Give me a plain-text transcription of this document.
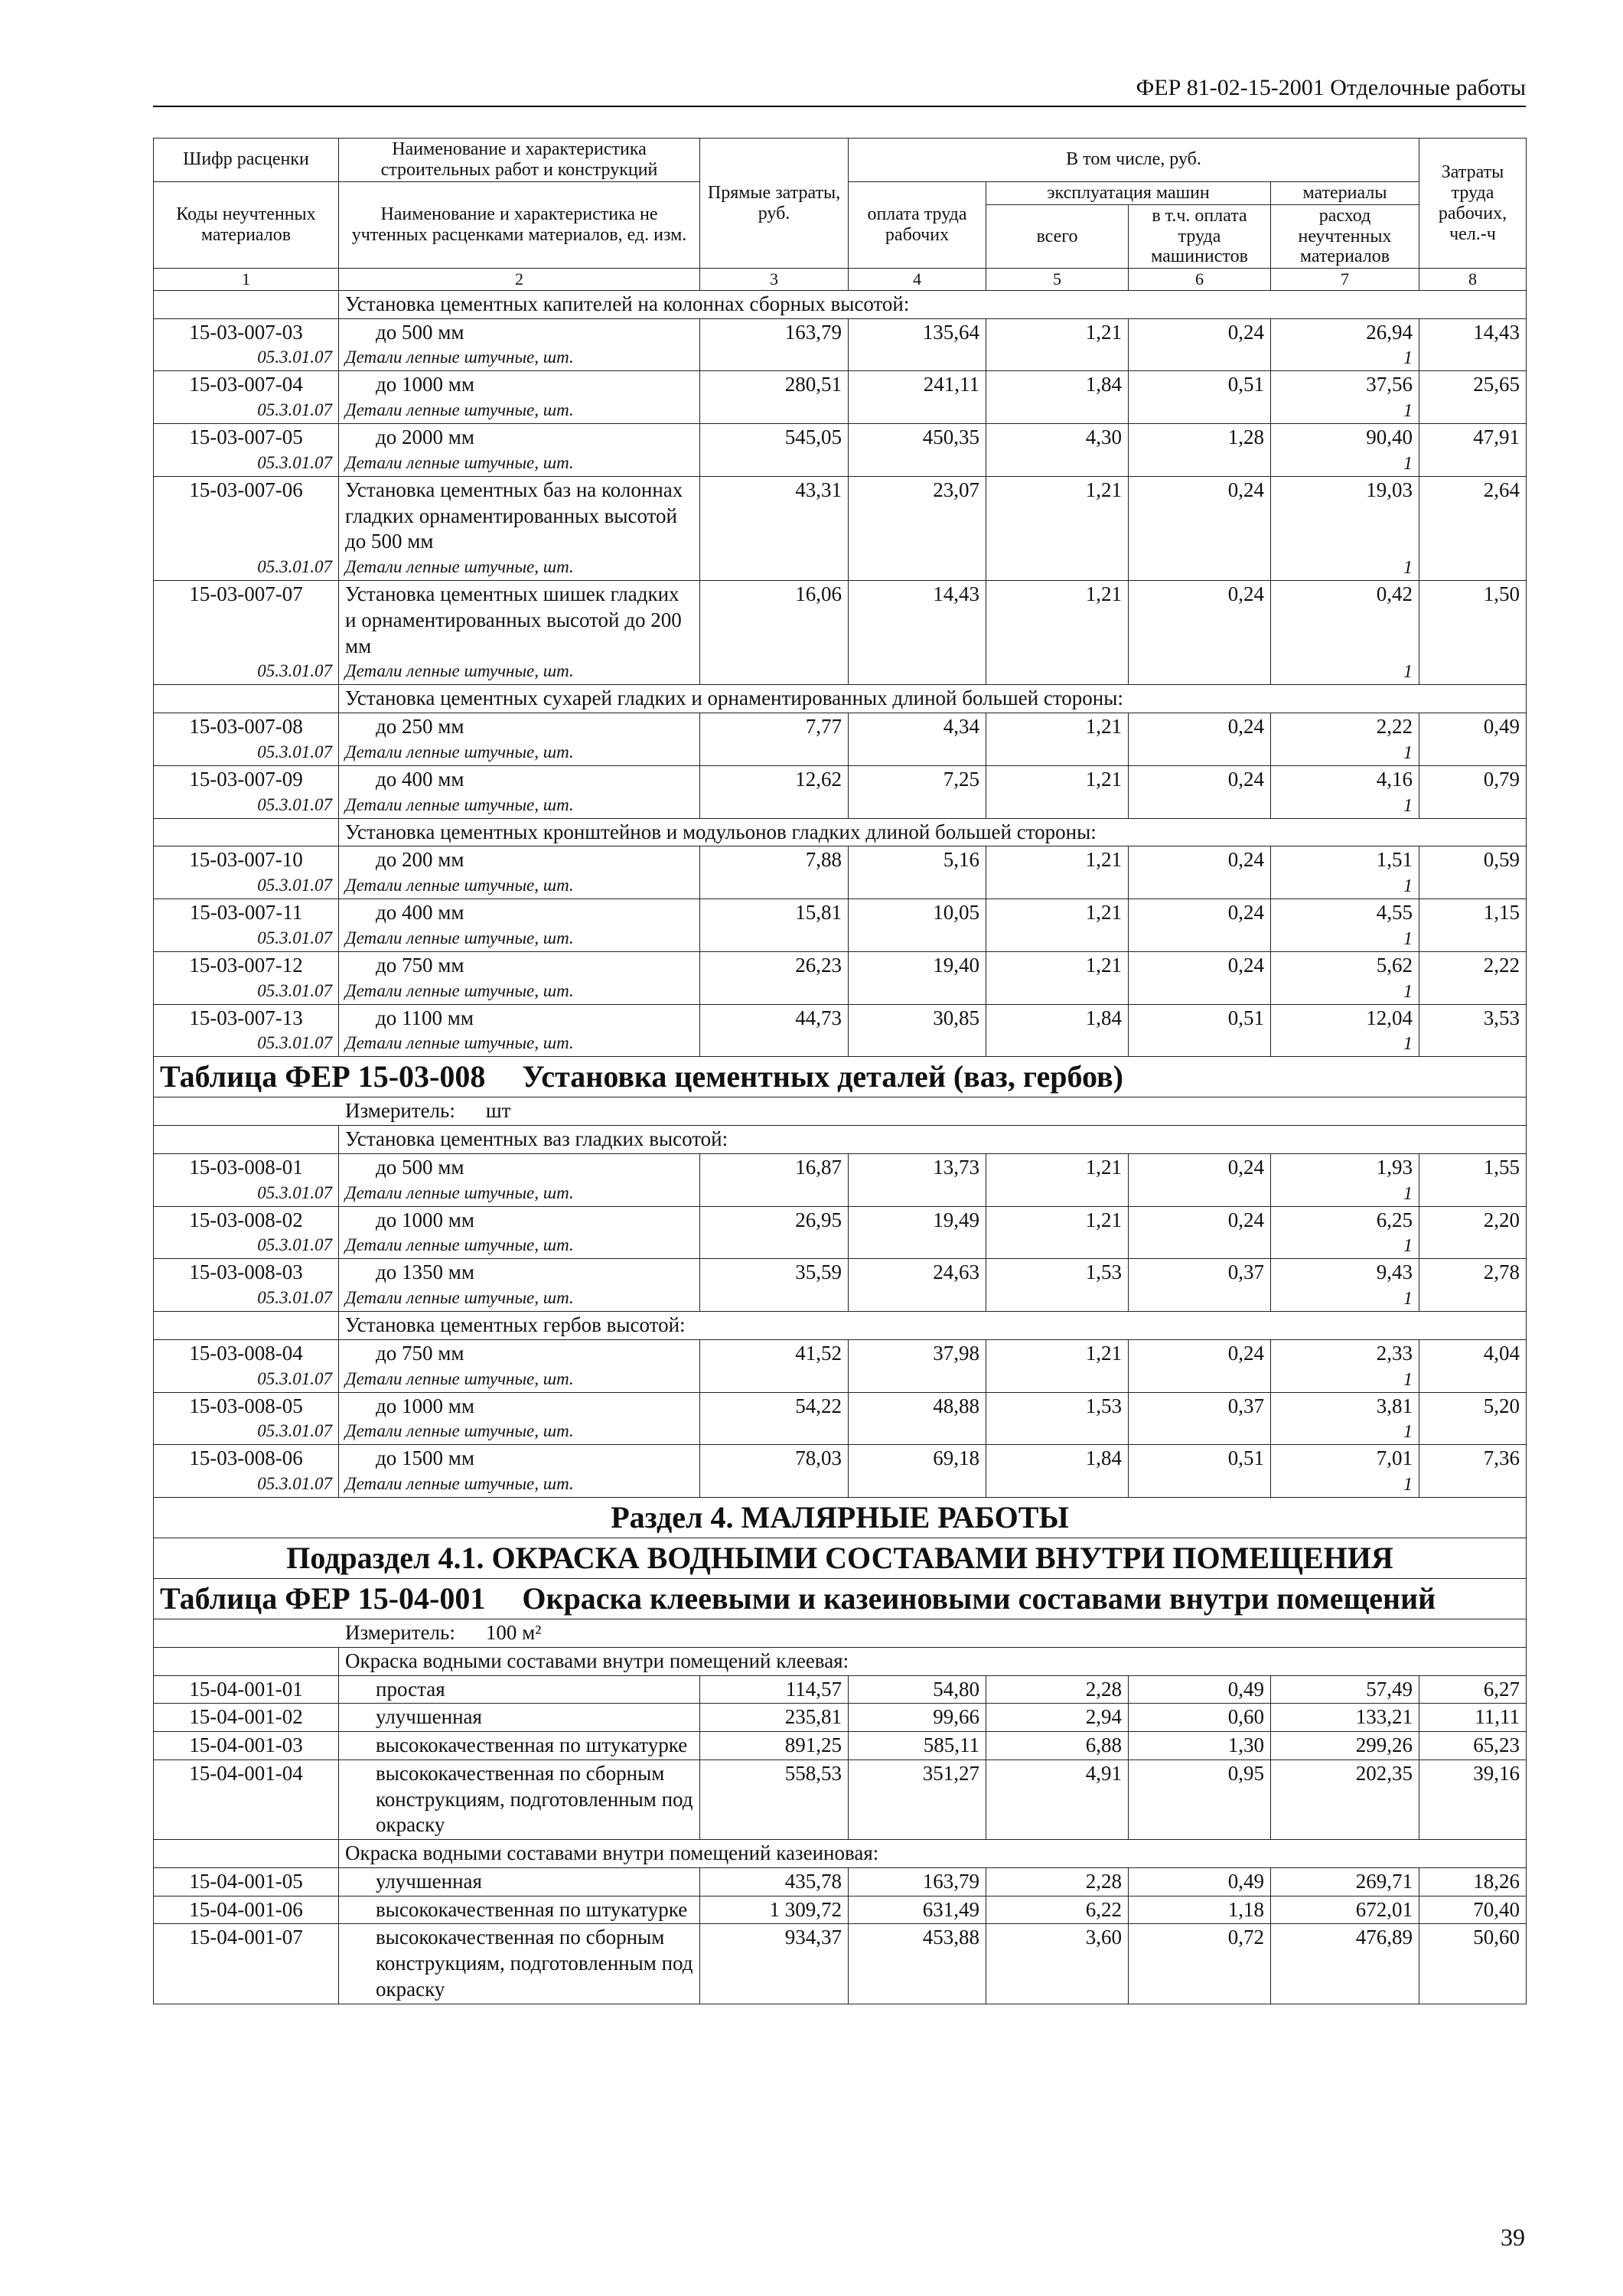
ФЕР 81-02-15-2001 Отделочные работы
Шифр расценки	Наименование и характеристика строительных работ и конструкций	Прямые затраты, руб.	В том числе, руб.				Затраты труда рабочих, чел.-ч
Коды неучтенных материалов	Наименование и характеристика не учтенных расценками материалов, ед. изм.		оплата труда рабочих	эксплуатация машин		материалы	
				всего	в т.ч. оплата труда машинистов	расход неучтенных материалов	
1	2	3	4	5	6	7	8
	Установка цементных капителей на колоннах сборных высотой:						
15-03-007-03	до 500 мм	163,79	135,64	1,21	0,24	26,94	14,43
05.3.01.07	Детали лепные штучные, шт.					1	
15-03-007-04	до 1000 мм	280,51	241,11	1,84	0,51	37,56	25,65
05.3.01.07	Детали лепные штучные, шт.					1	
15-03-007-05	до 2000 мм	545,05	450,35	4,30	1,28	90,40	47,91
05.3.01.07	Детали лепные штучные, шт.					1	
15-03-007-06	Установка цементных баз на колоннах гладких орнаментированных высотой до 500 мм	43,31	23,07	1,21	0,24	19,03	2,64
05.3.01.07	Детали лепные штучные, шт.					1	
15-03-007-07	Установка цементных шишек гладких и орнаментированных высотой до 200 мм	16,06	14,43	1,21	0,24	0,42	1,50
05.3.01.07	Детали лепные штучные, шт.					1	
	Установка цементных сухарей гладких и орнаментированных длиной большей стороны:						
15-03-007-08	до 250 мм	7,77	4,34	1,21	0,24	2,22	0,49
05.3.01.07	Детали лепные штучные, шт.					1	
15-03-007-09	до 400 мм	12,62	7,25	1,21	0,24	4,16	0,79
05.3.01.07	Детали лепные штучные, шт.					1	
	Установка цементных кронштейнов и модульонов гладких длиной большей стороны:						
15-03-007-10	до 200 мм	7,88	5,16	1,21	0,24	1,51	0,59
05.3.01.07	Детали лепные штучные, шт.					1	
15-03-007-11	до 400 мм	15,81	10,05	1,21	0,24	4,55	1,15
05.3.01.07	Детали лепные штучные, шт.					1	
15-03-007-12	до 750 мм	26,23	19,40	1,21	0,24	5,62	2,22
05.3.01.07	Детали лепные штучные, шт.					1	
15-03-007-13	до 1100 мм	44,73	30,85	1,84	0,51	12,04	3,53
05.3.01.07	Детали лепные штучные, шт.					1	
Таблица ФЕР 15-03-008 Установка цементных деталей (ваз, гербов)							
Измеритель: шт							
	Установка цементных ваз гладких высотой:						
15-03-008-01	до 500 мм	16,87	13,73	1,21	0,24	1,93	1,55
05.3.01.07	Детали лепные штучные, шт.					1	
15-03-008-02	до 1000 мм	26,95	19,49	1,21	0,24	6,25	2,20
05.3.01.07	Детали лепные штучные, шт.					1	
15-03-008-03	до 1350 мм	35,59	24,63	1,53	0,37	9,43	2,78
05.3.01.07	Детали лепные штучные, шт.					1	
	Установка цементных гербов высотой:						
15-03-008-04	до 750 мм	41,52	37,98	1,21	0,24	2,33	4,04
05.3.01.07	Детали лепные штучные, шт.					1	
15-03-008-05	до 1000 мм	54,22	48,88	1,53	0,37	3,81	5,20
05.3.01.07	Детали лепные штучные, шт.					1	
15-03-008-06	до 1500 мм	78,03	69,18	1,84	0,51	7,01	7,36
05.3.01.07	Детали лепные штучные, шт.					1	
Раздел 4. МАЛЯРНЫЕ РАБОТЫ							
Подраздел 4.1. ОКРАСКА ВОДНЫМИ СОСТАВАМИ ВНУТРИ ПОМЕЩЕНИЯ							
Таблица ФЕР 15-04-001 Окраска клеевыми и казеиновыми составами внутри помещений							
Измеритель: 100 м²							
	Окраска водными составами внутри помещений клеевая:						
15-04-001-01	простая	114,57	54,80	2,28	0,49	57,49	6,27
15-04-001-02	улучшенная	235,81	99,66	2,94	0,60	133,21	11,11
15-04-001-03	высококачественная по штукатурке	891,25	585,11	6,88	1,30	299,26	65,23
15-04-001-04	высококачественная по сборным конструкциям, подготовленным под окраску	558,53	351,27	4,91	0,95	202,35	39,16
	Окраска водными составами внутри помещений казеиновая:						
15-04-001-05	улучшенная	435,78	163,79	2,28	0,49	269,71	18,26
15-04-001-06	высококачественная по штукатурке	1 309,72	631,49	6,22	1,18	672,01	70,40
15-04-001-07	высококачественная по сборным конструкциям, подготовленным под окраску	934,37	453,88	3,60	0,72	476,89	50,60
39
